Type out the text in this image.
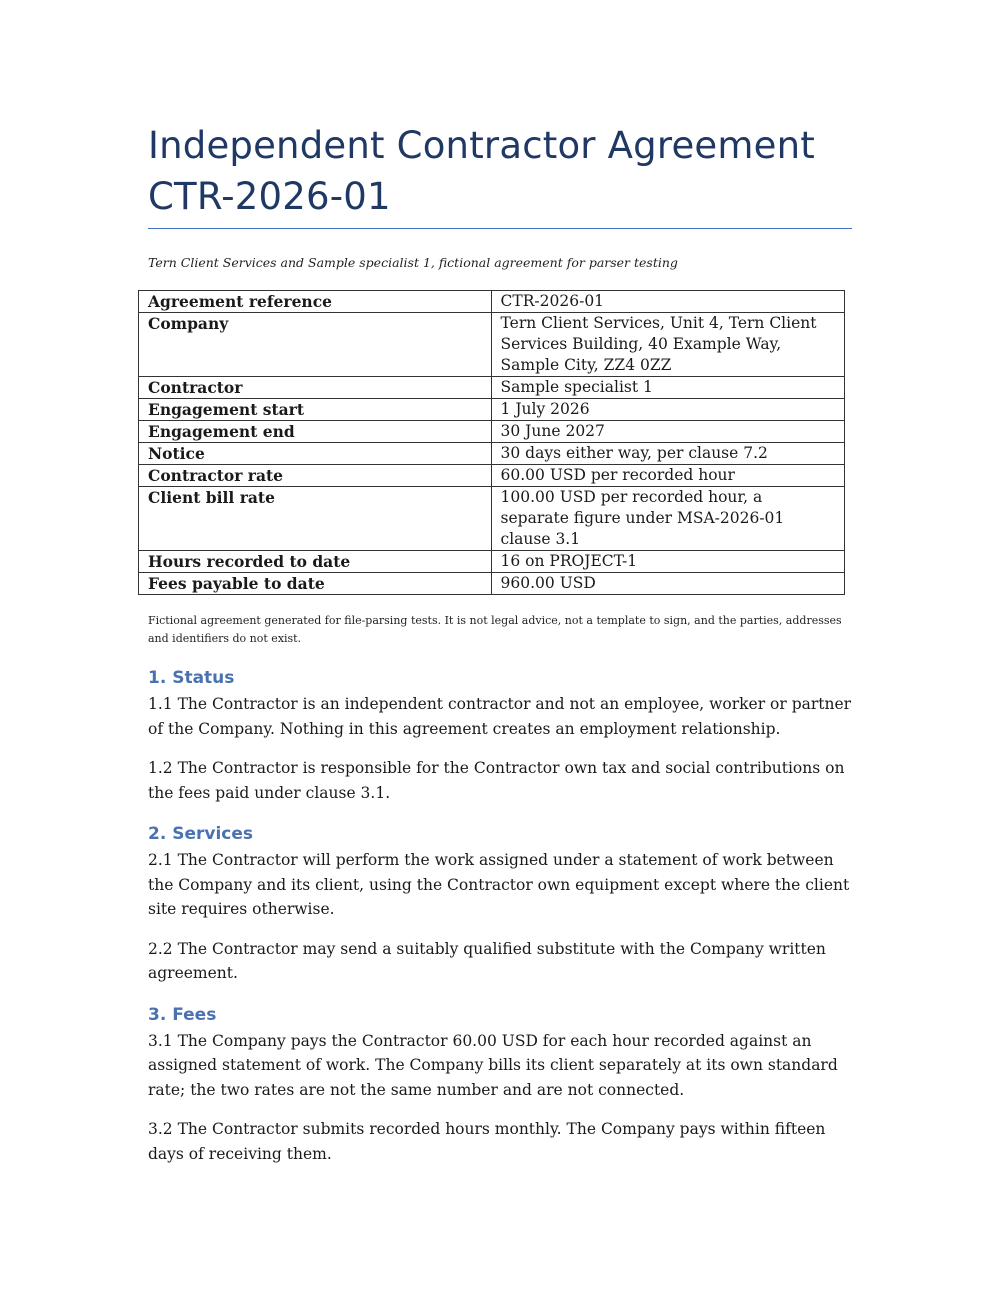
Independent Contractor Agreement
CTR-2026-01
Tern Client Services and Sample specialist 1, fictional agreement for parser testing
Agreement reference	CTR-2026-01
Company	Tern Client Services, Unit 4, Tern Client Services Building, 40 Example Way, Sample City, ZZ4 0ZZ
Contractor	Sample specialist 1
Engagement start	1 July 2026
Engagement end	30 June 2027
Notice	30 days either way, per clause 7.2
Contractor rate	60.00 USD per recorded hour
Client bill rate	100.00 USD per recorded hour, a separate figure under MSA-2026-01 clause 3.1
Hours recorded to date	16 on PROJECT-1
Fees payable to date	960.00 USD
Fictional agreement generated for file-parsing tests. It is not legal advice, not a template to sign, and the parties, addresses and identifiers do not exist.
1. Status

1.1 The Contractor is an independent contractor and not an employee, worker or partner of the Company. Nothing in this agreement creates an employment relationship.

1.2 The Contractor is responsible for the Contractor own tax and social contributions on the fees paid under clause 3.1.

2. Services

2.1 The Contractor will perform the work assigned under a statement of work between the Company and its client, using the Contractor own equipment except where the client site requires otherwise.

2.2 The Contractor may send a suitably qualified substitute with the Company written agreement.

3. Fees

3.1 The Company pays the Contractor 60.00 USD for each hour recorded against an assigned statement of work. The Company bills its client separately at its own standard rate; the two rates are not the same number and are not connected.

3.2 The Contractor submits recorded hours monthly. The Company pays within fifteen days of receiving them.
